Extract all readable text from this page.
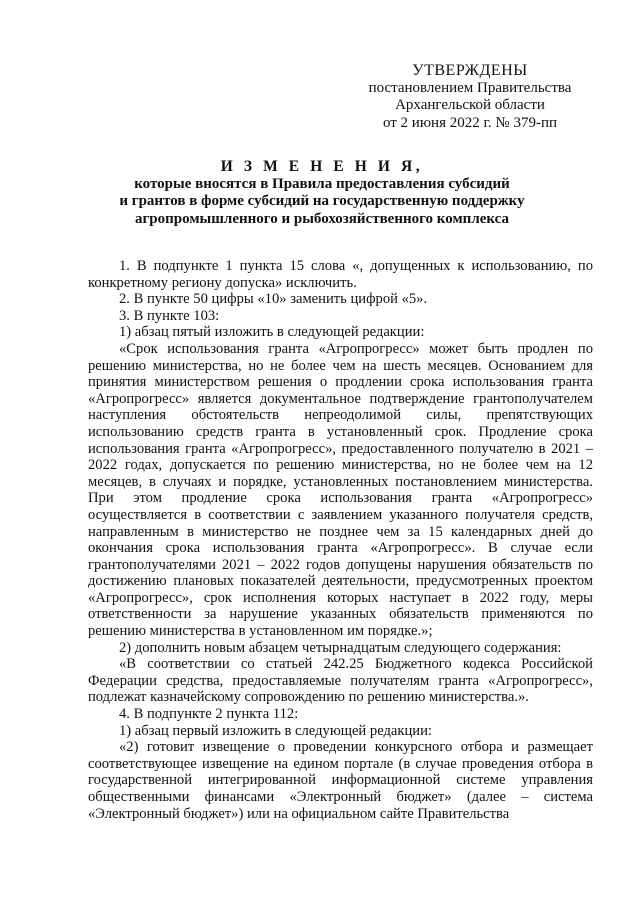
УТВЕРЖДЕНЫ
постановлением Правительства
Архангельской области
от 2 июня 2022 г. № 379-пп
И З М Е Н Е Н И Я,
которые вносятся в Правила предоставления субсидий
и грантов в форме субсидий на государственную поддержку
агропромышленного и рыбохозяйственного комплекса

1. В подпункте 1 пункта 15 слова «, допущенных к использованию, по конкретному региону допуска» исключить.

2. В пункте 50 цифры «10» заменить цифрой «5».

3. В пункте 103:

1) абзац пятый изложить в следующей редакции:

«Срок использования гранта «Агропрогресс» может быть продлен по решению министерства, но не более чем на шесть месяцев. Основанием для принятия министерством решения о продлении срока использования гранта «Агропрогресс» является документальное подтверждение грантополучателем наступления обстоятельств непреодолимой силы, препятствующих использованию средств гранта в установленный срок. Продление срока использования гранта «Агропрогресс», предоставленного получателю в 2021 – 2022 годах, допускается по решению министерства, но не более чем на 12 месяцев, в случаях и порядке, установленных постановлением министерства. При этом продление срока использования гранта «Агропрогресс» осуществляется в соответствии с заявлением указанного получателя средств, направленным в министерство не позднее чем за 15 календарных дней до окончания срока использования гранта «Агропрогресс». В случае если грантополучателями 2021 – 2022 годов допущены нарушения обязательств по достижению плановых показателей деятельности, предусмотренных проектом «Агропрогресс», срок исполнения которых наступает в 2022 году, меры ответственности за нарушение указанных обязательств применяются по решению министерства в установленном им порядке.»;

2) дополнить новым абзацем четырнадцатым следующего содержания:

«В соответствии со статьей 242.25 Бюджетного кодекса Российской Федерации средства, предоставляемые получателям гранта «Агропрогресс», подлежат казначейскому сопровождению по решению министерства.».

4. В подпункте 2 пункта 112:

1) абзац первый изложить в следующей редакции:

«2) готовит извещение о проведении конкурсного отбора и размещает соответствующее извещение на едином портале (в случае проведения отбора в государственной интегрированной информационной системе управления общественными финансами «Электронный бюджет» (далее – система «Электронный бюджет») или на официальном сайте Правительства
